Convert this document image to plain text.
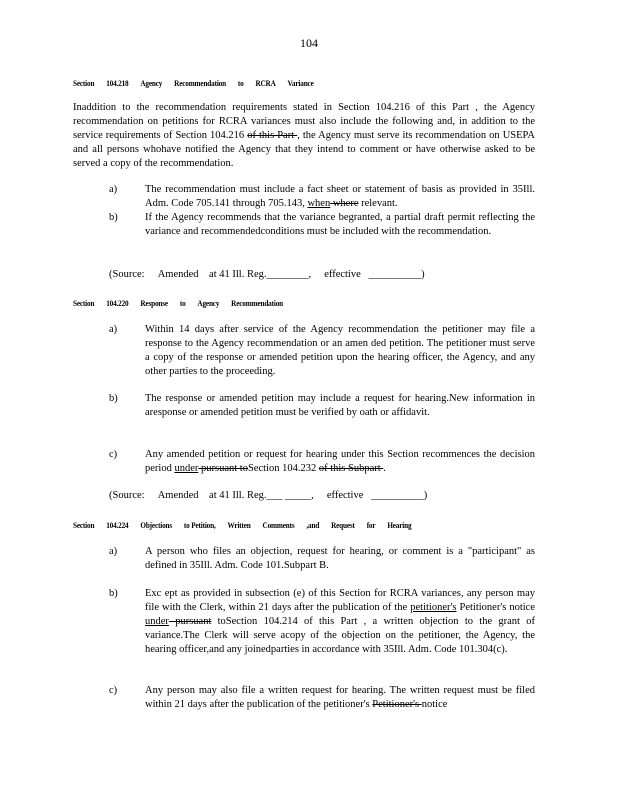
104
Section 104.218 Agency Recommendation to RCRA Variance
Inaddition to the recommendation requirements stated in Section 104.216 of this Part , the Agency recommendation on petitions for RCRA variances must also include the following and, in addition to the service requirements of Section 104.216 of this Part , the Agency must serve its recommendation on USEPA and all persons whohave notified the Agency that they intend to comment or have otherwise asked to be served a copy of the recommendation.
a)	The recommendation must include a fact sheet or statement of basis as provided in 35Ill. Adm. Code 705.141 through 705.143, when where relevant.
b)	If the Agency recommends that the variance begranted, a partial draft permit reflecting the variance and recommendedconditions must be included with the recommendation.
(Source: Amended at 41 Ill. Reg.________, effective __________)
Section 104.220 Response to Agency Recommendation
a)	Within 14 days after service of the Agency recommendation the petitioner may file a response to the Agency recommendation or an amen ded petition. The petitioner must serve a copy of the response or amended petition upon the hearing officer, the Agency, and any other parties to the proceeding.
b)	The response or amended petition may include a request for hearing.New information in aresponse or amended petition must be verified by oath or affidavit.
c)	Any amended petition or request for hearing under this Section recommences the decision period under pursuant toSection 104.232 of this Subpart .
(Source: Amended at 41 Ill. Reg.___ _____, effective __________)
Section 104.224 Objections to Petition, Written Comments ,and Request for Hearing
a)	A person who files an objection, request for hearing, or comment is a "participant" as defined in 35Ill. Adm. Code 101.Subpart B.
b)	Exc ept as provided in subsection (e) of this Section for RCRA variances, any person may file with the Clerk, within 21 days after the publication of the petitioner's Petitioner's notice under pursuant toSection 104.214 of this Part , a written objection to the grant of variance.The Clerk will serve acopy of the objection on the petitioner, the Agency, the hearing officer,and any joinedparties in accordance with 35Ill. Adm. Code 101.304(c).
c)	Any person may also file a written request for hearing. The written request must be filed within 21 days after the publication of the petitioner's Petitioner's notice
